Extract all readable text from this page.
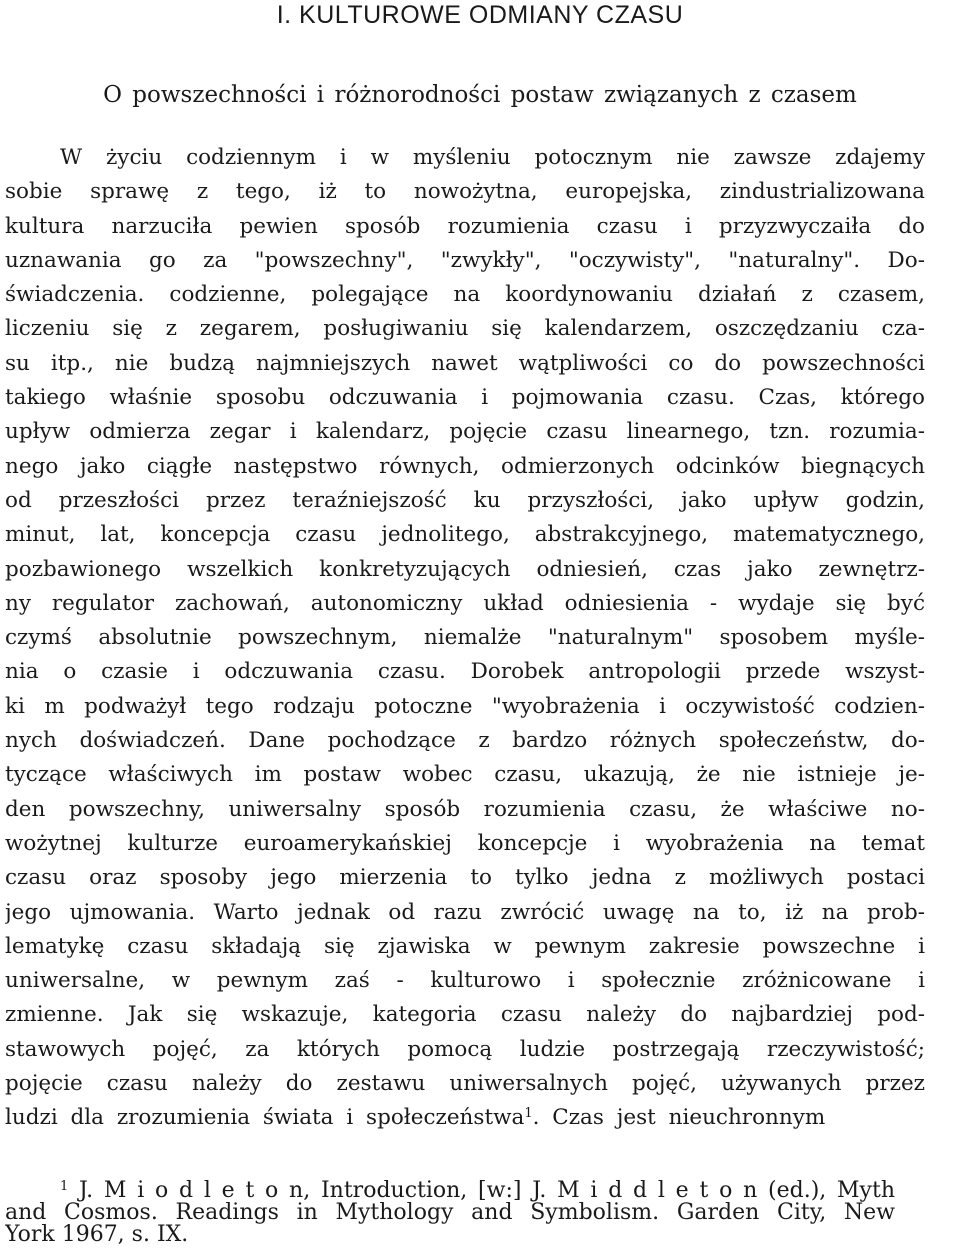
I. KULTUROWE ODMIANY CZASU
O powszechności i różnorodności postaw związanych z czasem
W życiu codziennym i w myśleniu potocznym nie zawsze zdajemy
sobie sprawę z tego, iż to nowożytna, europejska, zindustrializowana
kultura narzuciła pewien sposób rozumienia czasu i przyzwyczaiła do
uznawania go za "powszechny", "zwykły", "oczywisty", "naturalny". Do-
świadczenia. codzienne, polegające na koordynowaniu działań z czasem,
liczeniu się z zegarem, posługiwaniu się kalendarzem, oszczędzaniu cza-
su itp., nie budzą najmniejszych nawet wątpliwości co do powszechności
takiego właśnie sposobu odczuwania i pojmowania czasu. Czas, którego
upływ odmierza zegar i kalendarz, pojęcie czasu linearnego, tzn. rozumia-
nego jako ciągłe następstwo równych, odmierzonych odcinków biegnących
od przeszłości przez teraźniejszość ku przyszłości, jako upływ godzin,
minut, lat, koncepcja czasu jednolitego, abstrakcyjnego, matematycznego,
pozbawionego wszelkich konkretyzujących odniesień, czas jako zewnętrz-
ny regulator zachowań, autonomiczny układ odniesienia - wydaje się być
czymś absolutnie powszechnym, niemalże "naturalnym" sposobem myśle-
nia o czasie i odczuwania czasu. Dorobek antropologii przede wszyst-
ki m podważył tego rodzaju potoczne "wyobrażenia i oczywistość codzien-
nych doświadczeń. Dane pochodzące z bardzo różnych społeczeństw, do-
tyczące właściwych im postaw wobec czasu, ukazują, że nie istnieje je-
den powszechny, uniwersalny sposób rozumienia czasu, że właściwe no-
wożytnej kulturze euroamerykańskiej koncepcje i wyobrażenia na temat
czasu oraz sposoby jego mierzenia to tylko jedna z możliwych postaci
jego ujmowania. Warto jednak od razu zwrócić uwagę na to, iż na prob-
lematykę czasu składają się zjawiska w pewnym zakresie powszechne i
uniwersalne, w pewnym zaś - kulturowo i społecznie zróżnicowane i
zmienne. Jak się wskazuje, kategoria czasu należy do najbardziej pod-
stawowych pojęć, za których pomocą ludzie postrzegają rzeczywistość;
pojęcie czasu należy do zestawu uniwersalnych pojęć, używanych przez
ludzi dla zrozumienia świata i społeczeństwa$^1$. Czas jest nieuchronnym
$^1$ J. M i o d l e t o n, Introduction, [w:] J. M i d d l e t o n (ed.), Myth
and Cosmos. Readings in Mythology and Symbolism. Garden City, New
York 1967, s. IX.
